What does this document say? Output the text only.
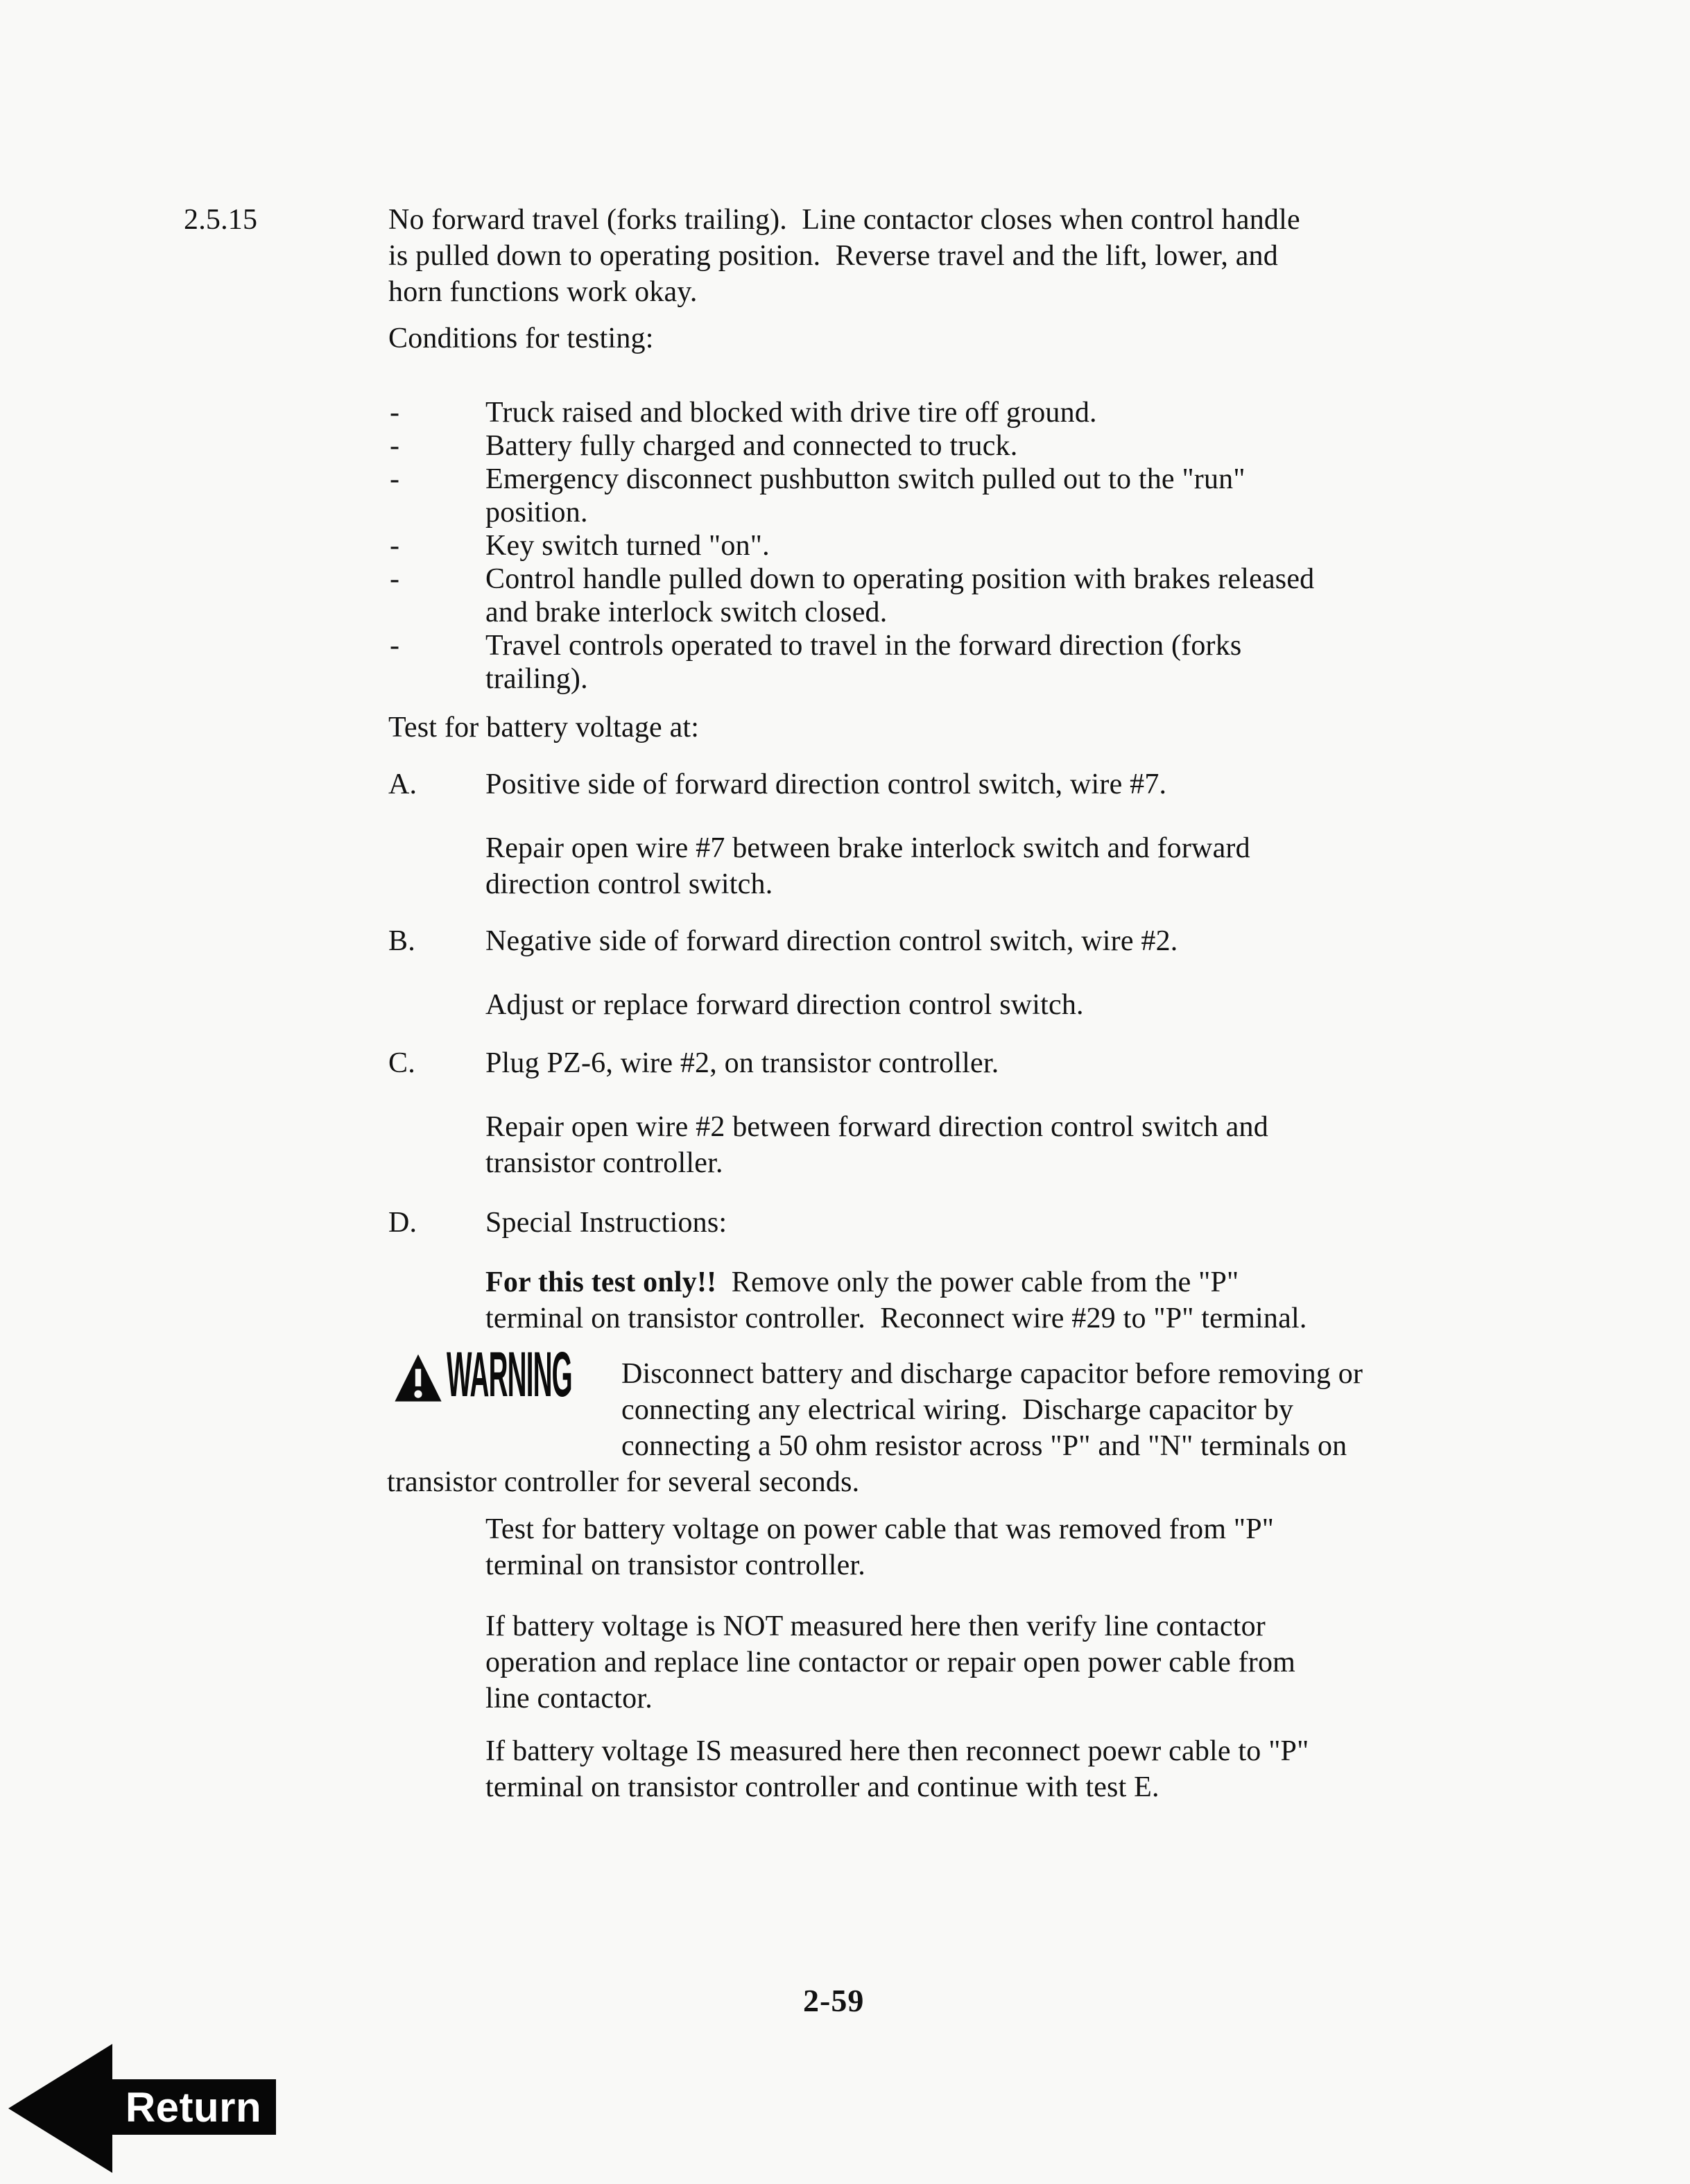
2.5.15	No forward travel (forks trailing).  Line contactor closes when control handle
is pulled down to operating position.  Reverse travel and the lift, lower, and
horn functions work okay.
Conditions for testing:
-	Truck raised and blocked with drive tire off ground.
-	Battery fully charged and connected to truck.
-	Emergency disconnect pushbutton switch pulled out to the "run"
position.
-	Key switch turned "on".
-	Control handle pulled down to operating position with brakes released
and brake interlock switch closed.
-	Travel controls operated to travel in the forward direction (forks
trailing).
Test for battery voltage at:
A. Positive side of forward direction control switch, wire #7.
Repair open wire #7 between brake interlock switch and forward
direction control switch.
B. Negative side of forward direction control switch, wire #2.
Adjust or replace forward direction control switch.
C. Plug PZ-6, wire #2, on transistor controller.
Repair open wire #2 between forward direction control switch and
transistor controller.
D. Special Instructions:
For this test only!!  Remove only the power cable from the "P"
terminal on transistor controller.  Reconnect wire #29 to "P" terminal.
WARNING Disconnect battery and discharge capacitor before removing or
connecting any electrical wiring.  Discharge capacitor by
connecting a 50 ohm resistor across "P" and "N" terminals on
transistor controller for several seconds.
Test for battery voltage on power cable that was removed from "P"
terminal on transistor controller.
If battery voltage is NOT measured here then verify line contactor
operation and replace line contactor or repair open power cable from
line contactor.
If battery voltage IS measured here then reconnect poewr cable to "P"
terminal on transistor controller and continue with test E.
2-59
Return
